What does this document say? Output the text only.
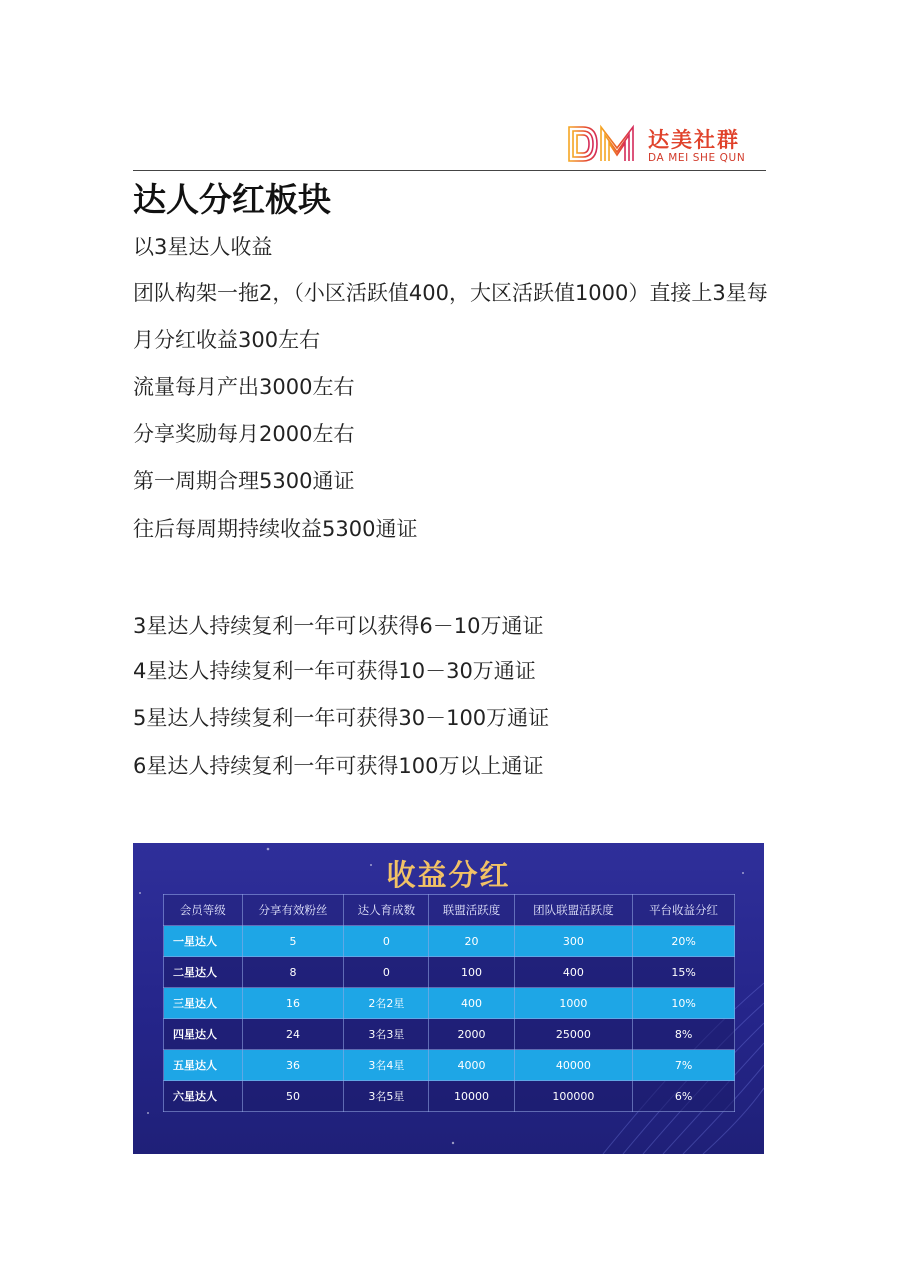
达美社群
DA MEI SHE QUN
达人分红板块
以3星达人收益
团队构架一拖2，（小区活跃值400，大区活跃值1000）直接上3星每
月分红收益300左右
流量每月产出3000左右
分享奖励每月2000左右
第一周期合理5300通证
往后每周期持续收益5300通证
3星达人持续复利一年可以获得6－10万通证
4星达人持续复利一年可获得10－30万通证
5星达人持续复利一年可获得30－100万通证
6星达人持续复利一年可获得100万以上通证
收益分红
会员等级	分享有效粉丝	达人育成数	联盟活跃度	团队联盟活跃度	平台收益分红
一星达人	5	0	20	300	20%
二星达人	8	0	100	400	15%
三星达人	16	2名2星	400	1000	10%
四星达人	24	3名3星	2000	25000	8%
五星达人	36	3名4星	4000	40000	7%
六星达人	50	3名5星	10000	100000	6%
